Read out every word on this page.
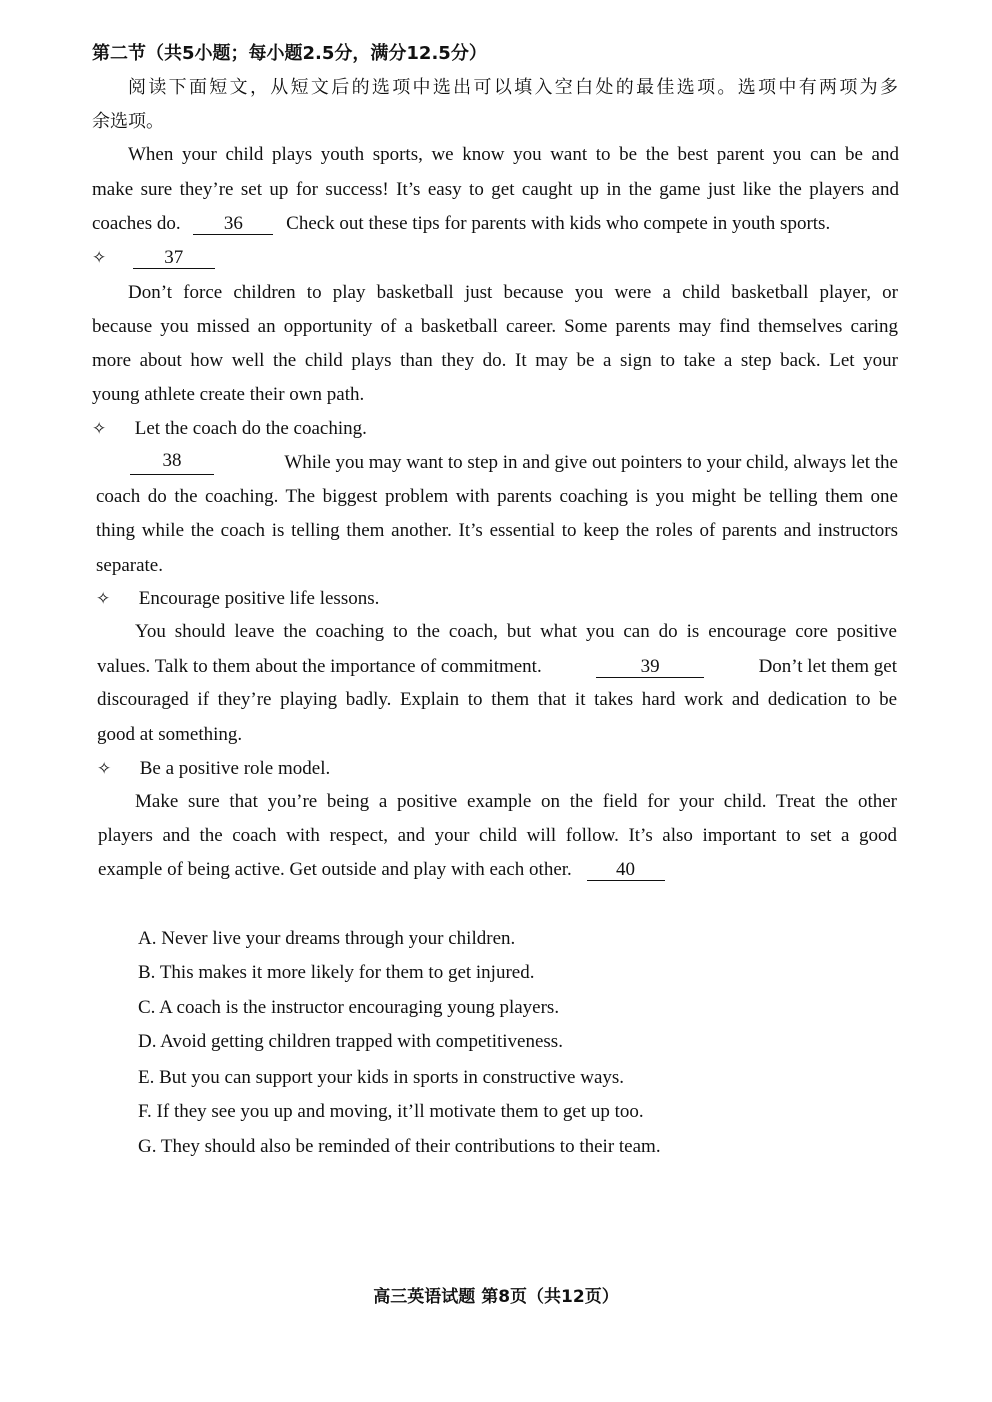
第二节（共5小题；每小题2.5分，满分12.5分）
阅读下面短文，从短文后的选项中选出可以填入空白处的最佳选项。选项中有两项为多
余选项。
When your child plays youth sports, we know you want to be the best parent you can be and
make sure they’re set up for success! It’s easy to get caught up in the game just like the players and
coaches do. 36 Check out these tips for parents with kids who compete in youth sports.
✧	37
Don’t force children to play basketball just because you were a child basketball player, or
because you missed an opportunity of a basketball career. Some parents may find themselves caring
more about how well the child plays than they do. It may be a sign to take a step back. Let your
young athlete create their own path.
✧ Let the coach do the coaching.
38	While you may want to step in and give out pointers to your child, always let the
coach do the coaching. The biggest problem with parents coaching is you might be telling them one
thing while the coach is telling them another. It’s essential to keep the roles of parents and instructors
separate.
✧ Encourage positive life lessons.
You should leave the coaching to the coach, but what you can do is encourage core positive
values. Talk to them about the importance of commitment.	39	Don’t let them get
discouraged if they’re playing badly. Explain to them that it takes hard work and dedication to be
good at something.
✧ Be a positive role model.
Make sure that you’re being a positive example on the field for your child. Treat the other
players and the coach with respect, and your child will follow. It’s also important to set a good
example of being active. Get outside and play with each other. 40
A. Never live your dreams through your children.
B. This makes it more likely for them to get injured.
C. A coach is the instructor encouraging young players.
D. Avoid getting children trapped with competitiveness.
E. But you can support your kids in sports in constructive ways.
F. If they see you up and moving, it’ll motivate them to get up too.
G. They should also be reminded of their contributions to their team.
高三英语试题 第8页（共12页）
